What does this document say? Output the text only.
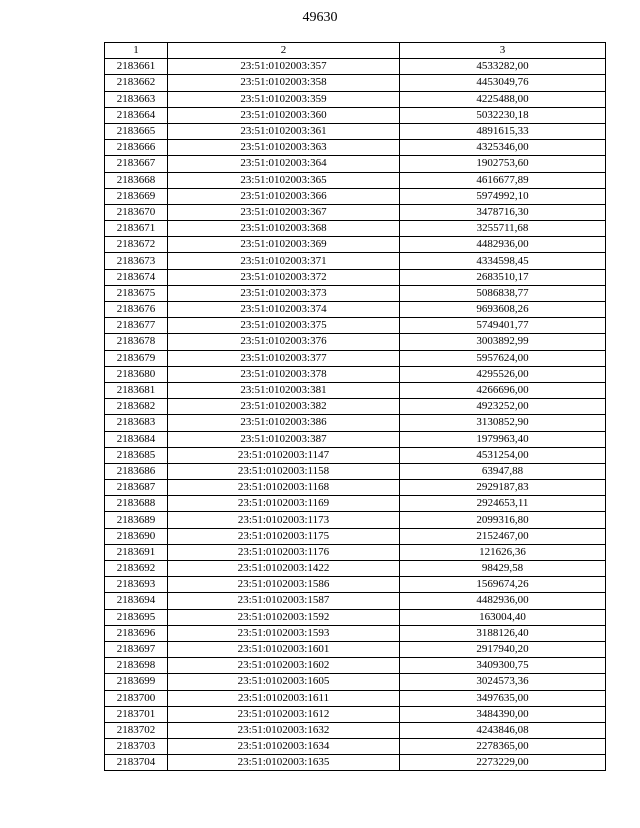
49630
1	2	3
2183661	23:51:0102003:357	4533282,00
2183662	23:51:0102003:358	4453049,76
2183663	23:51:0102003:359	4225488,00
2183664	23:51:0102003:360	5032230,18
2183665	23:51:0102003:361	4891615,33
2183666	23:51:0102003:363	4325346,00
2183667	23:51:0102003:364	1902753,60
2183668	23:51:0102003:365	4616677,89
2183669	23:51:0102003:366	5974992,10
2183670	23:51:0102003:367	3478716,30
2183671	23:51:0102003:368	3255711,68
2183672	23:51:0102003:369	4482936,00
2183673	23:51:0102003:371	4334598,45
2183674	23:51:0102003:372	2683510,17
2183675	23:51:0102003:373	5086838,77
2183676	23:51:0102003:374	9693608,26
2183677	23:51:0102003:375	5749401,77
2183678	23:51:0102003:376	3003892,99
2183679	23:51:0102003:377	5957624,00
2183680	23:51:0102003:378	4295526,00
2183681	23:51:0102003:381	4266696,00
2183682	23:51:0102003:382	4923252,00
2183683	23:51:0102003:386	3130852,90
2183684	23:51:0102003:387	1979963,40
2183685	23:51:0102003:1147	4531254,00
2183686	23:51:0102003:1158	63947,88
2183687	23:51:0102003:1168	2929187,83
2183688	23:51:0102003:1169	2924653,11
2183689	23:51:0102003:1173	2099316,80
2183690	23:51:0102003:1175	2152467,00
2183691	23:51:0102003:1176	121626,36
2183692	23:51:0102003:1422	98429,58
2183693	23:51:0102003:1586	1569674,26
2183694	23:51:0102003:1587	4482936,00
2183695	23:51:0102003:1592	163004,40
2183696	23:51:0102003:1593	3188126,40
2183697	23:51:0102003:1601	2917940,20
2183698	23:51:0102003:1602	3409300,75
2183699	23:51:0102003:1605	3024573,36
2183700	23:51:0102003:1611	3497635,00
2183701	23:51:0102003:1612	3484390,00
2183702	23:51:0102003:1632	4243846,08
2183703	23:51:0102003:1634	2278365,00
2183704	23:51:0102003:1635	2273229,00
